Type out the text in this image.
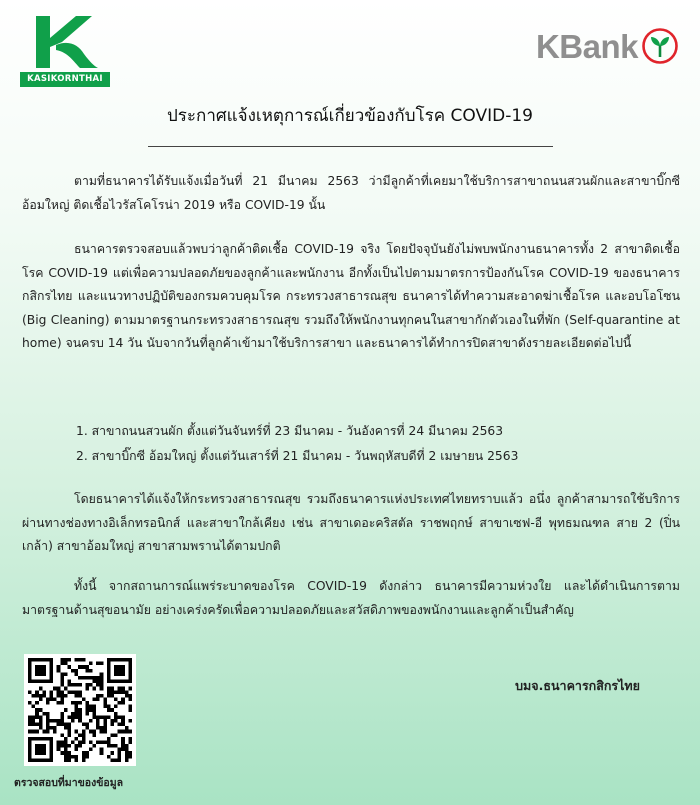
KASIKORNTHAI
KBank
ประกาศแจ้งเหตุการณ์เกี่ยวข้องกับโรค COVID-19

ตามที่ธนาคารได้รับแจ้งเมื่อวันที่ 21 มีนาคม 2563 ว่ามีลูกค้าที่เคยมาใช้บริการสาขาถนนสวนผักและสาขาบิ๊กซี อ้อมใหญ่ ติดเชื้อไวรัสโคโรน่า 2019 หรือ COVID-19 นั้น

ธนาคารตรวจสอบแล้วพบว่าลูกค้าติดเชื้อ COVID-19 จริง โดยปัจจุบันยังไม่พบพนักงานธนาคารทั้ง 2 สาขาติดเชื้อโรค COVID-19 แต่เพื่อความปลอดภัยของลูกค้าและพนักงาน อีกทั้งเป็นไปตามมาตรการป้องกันโรค COVID-19 ของธนาคารกสิกรไทย และแนวทางปฏิบัติของกรมควบคุมโรค กระทรวงสาธารณสุข ธนาคารได้ทำความสะอาดฆ่าเชื้อโรค และอบโอโซน (Big Cleaning) ตามมาตรฐานกระทรวงสาธารณสุข รวมถึงให้พนักงานทุกคนในสาขากักตัวเองในที่พัก (Self-quarantine at home) จนครบ 14 วัน นับจากวันที่ลูกค้าเข้ามาใช้บริการสาขา และธนาคารได้ทำการปิดสาขาดังรายละเอียดต่อไปนี้

1. สาขาถนนสวนผัก ตั้งแต่วันจันทร์ที่ 23 มีนาคม - วันอังคารที่ 24 มีนาคม 2563
2. สาขาบิ๊กซี อ้อมใหญ่ ตั้งแต่วันเสาร์ที่ 21 มีนาคม - วันพฤหัสบดีที่ 2 เมษายน 2563

โดยธนาคารได้แจ้งให้กระทรวงสาธารณสุข รวมถึงธนาคารแห่งประเทศไทยทราบแล้ว อนึ่ง ลูกค้าสามารถใช้บริการผ่านทางช่องทางอิเล็กทรอนิกส์ และสาขาใกล้เคียง เช่น สาขาเดอะคริสตัล ราชพฤกษ์ สาขาเซฟ-อี พุทธมณฑล สาย 2 (ปิ่นเกล้า) สาขาอ้อมใหญ่ สาขาสามพรานได้ตามปกติ

ทั้งนี้ จากสถานการณ์แพร่ระบาดของโรค COVID-19 ดังกล่าว ธนาคารมีความห่วงใย และได้ดำเนินการตามมาตรฐานด้านสุขอนามัย อย่างเคร่งครัดเพื่อความปลอดภัยและสวัสดิภาพของพนักงานและลูกค้าเป็นสำคัญ

บมจ.ธนาคารกสิกรไทย
ตรวจสอบที่มาของข้อมูล
